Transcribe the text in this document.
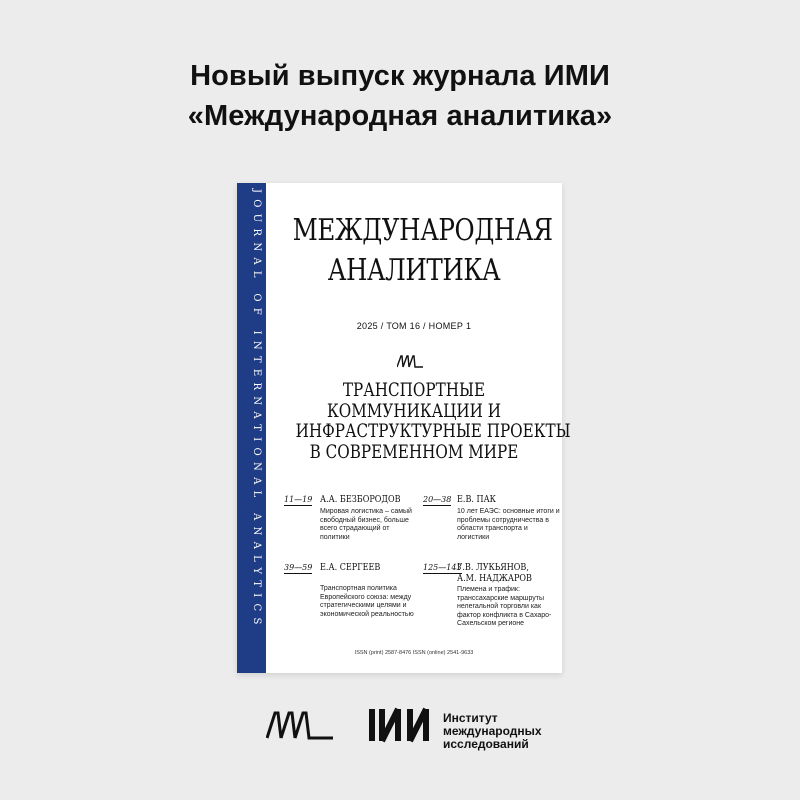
Новый выпуск журнала ИМИ
«Международная аналитика»
JOURNAL OF INTERNATIONAL ANALYTICS МЕЖДУНАРОДНАЯ
АНАЛИТИКА
2025 / ТОМ 16 / НОМЕР 1
ТРАНСПОРТНЫЕ
КОММУНИКАЦИИ И
ИНФРАСТРУКТУРНЫЕ ПРОЕКТЫ
В СОВРЕМЕННОМ МИРЕ
11—19 А.А. БЕЗБОРОДОВ
Мировая логистика – самый свободный бизнес, больше всего страдающий от политики
20—38 Е.В. ПАК
10 лет ЕАЭС: основные итоги и проблемы сотрудничества в области транспорта и логистики
39—59 Е.А. СЕРГЕЕВ
Транспортная политика Европейского союза: между стратегическими целями и экономической реальностью
125—143
Г.В. ЛУКЬЯНОВ,
А.М. НАДЖАРОВ
Племена и трафик: транссахарские маршруты нелегальной торговли как фактор конфликта в Сахаро-Сахельском регионе
ISSN (print) 2587-8476 ISSN (online) 2541-9633
Институт
международных
исследований
